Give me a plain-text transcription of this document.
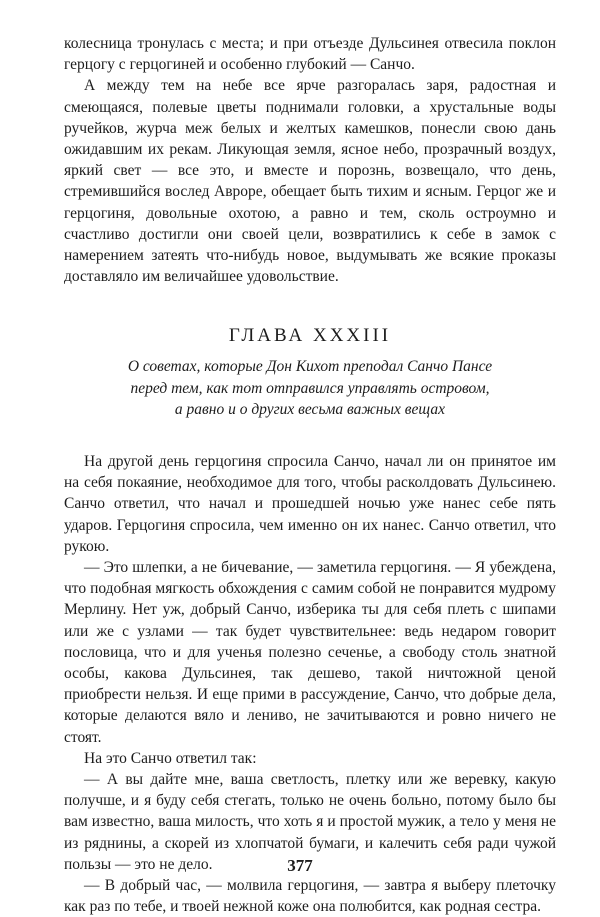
колесница тронулась с места; и при отъезде Дульсинея отвесила поклон герцогу с герцогиней и особенно глубокий — Санчо.

А между тем на небе все ярче разгоралась заря, радостная и смеющаяся, полевые цветы поднимали головки, а хрустальные воды ручейков, журча меж белых и желтых камешков, понесли свою дань ожидавшим их рекам. Ликующая земля, ясное небо, прозрачный воздух, яркий свет — все это, и вместе и порознь, возвещало, что день, стремившийся вослед Авроре, обещает быть тихим и ясным. Герцог же и герцогиня, довольные охотою, а равно и тем, сколь остроумно и счастливо достигли они своей цели, возвратились к себе в замок с намерением затеять что-нибудь новое, выдумывать же всякие проказы доставляло им величайшее удовольствие.

ГЛАВА XXXIII
О советах, которые Дон Кихот преподал Санчо Пансе
перед тем, как тот отправился управлять островом,
а равно и о других весьма важных вещах

На другой день герцогиня спросила Санчо, начал ли он принятое им на себя покаяние, необходимое для того, чтобы расколдовать Дульсинею. Санчо ответил, что начал и прошедшей ночью уже нанес себе пять ударов. Герцогиня спросила, чем именно он их нанес. Санчо ответил, что рукою.

— Это шлепки, а не бичевание, — заметила герцогиня. — Я убеждена, что подобная мягкость обхождения с самим собой не понравится мудрому Мерлину. Нет уж, добрый Санчо, изберика ты для себя плеть с шипами или же с узлами — так будет чувствительнее: ведь недаром говорит пословица, что и для ученья полезно сеченье, а свободу столь знатной особы, какова Дульсинея, так дешево, такой ничтожной ценой приобрести нельзя. И еще прими в рассуждение, Санчо, что добрые дела, которые делаются вяло и лениво, не зачитываются и ровно ничего не стоят.

На это Санчо ответил так:

— А вы дайте мне, ваша светлость, плетку или же веревку, какую получше, и я буду себя стегать, только не очень больно, потому было бы вам известно, ваша милость, что хоть я и простой мужик, а тело у меня не из ряднины, а скорей из хлопчатой бумаги, и калечить себя ради чужой пользы — это не дело.

— В добрый час, — молвила герцогиня, — завтра я выберу плеточку как раз по тебе, и твоей нежной коже она полюбится, как родная сестра.

377
